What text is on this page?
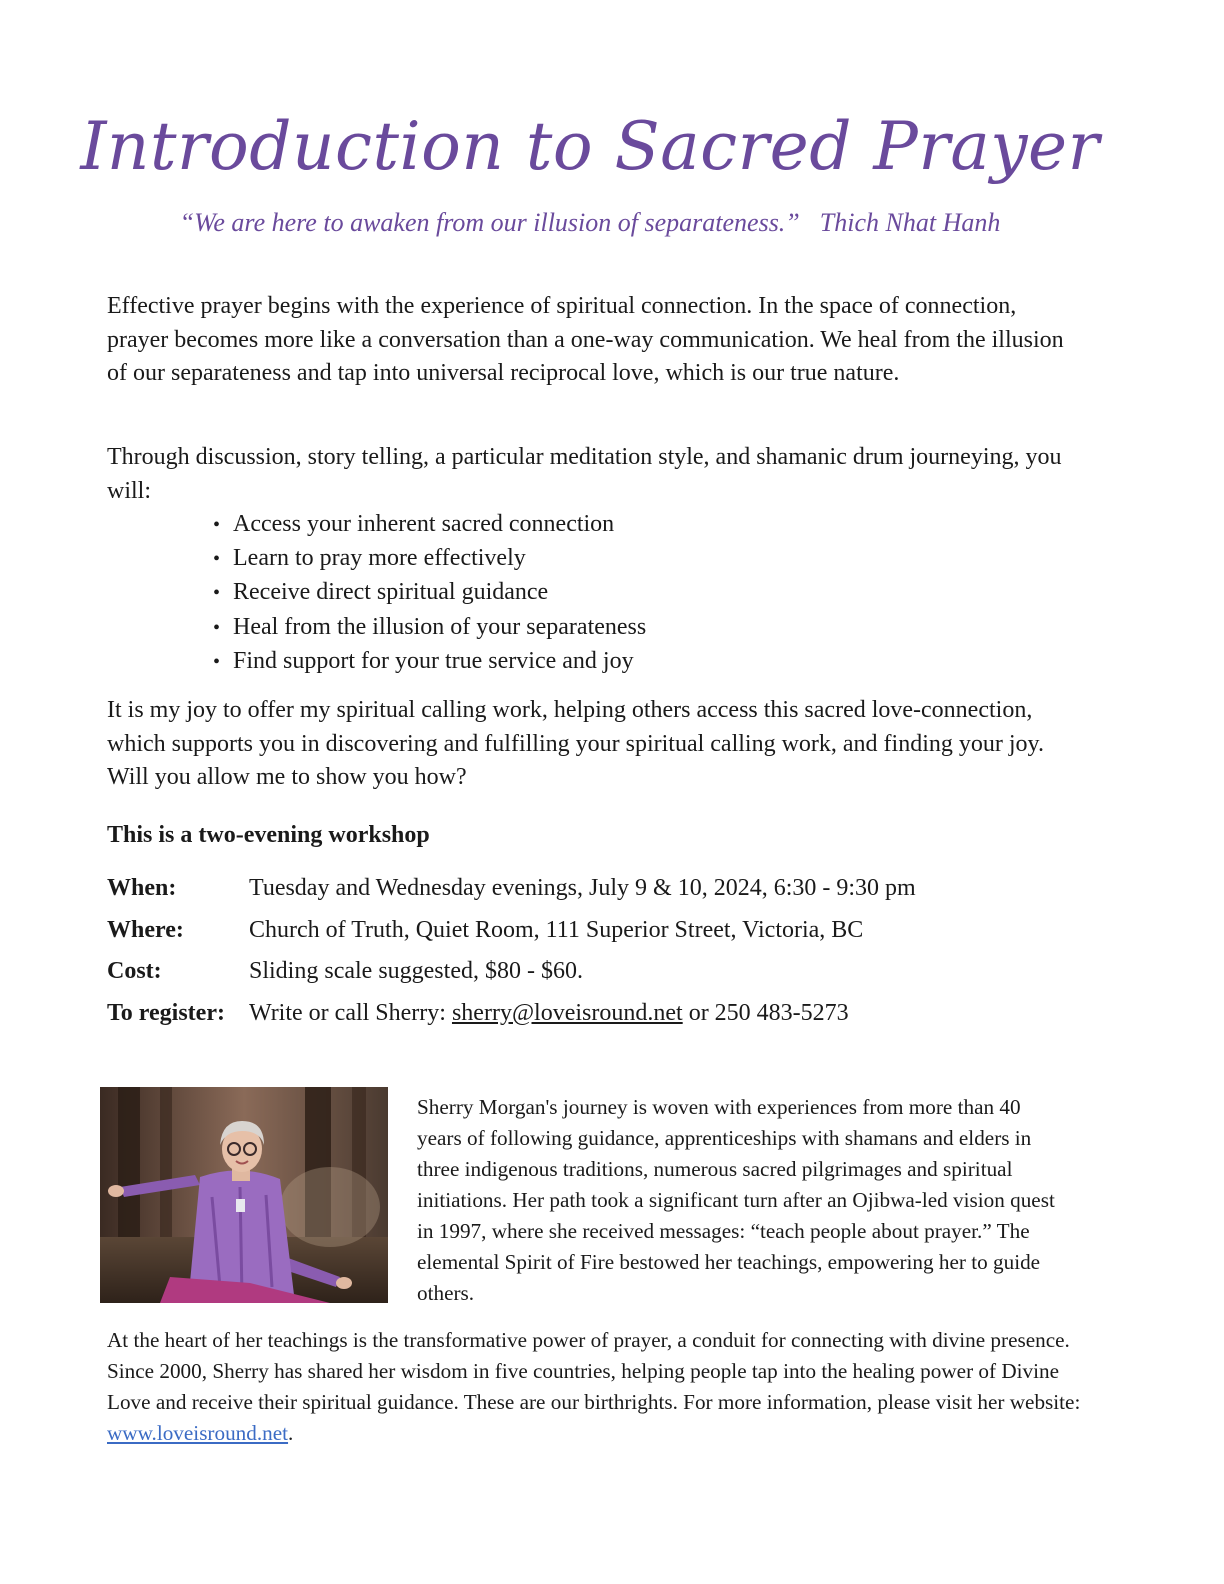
Introduction to Sacred Prayer
“We are here to awaken from our illusion of separateness.” Thich Nhat Hanh
Effective prayer begins with the experience of spiritual connection. In the space of connection, prayer becomes more like a conversation than a one-way communication. We heal from the illusion of our separateness and tap into universal reciprocal love, which is our true nature.
Through discussion, story telling, a particular meditation style, and shamanic drum journeying, you will:
• Access your inherent sacred connection
• Learn to pray more effectively
• Receive direct spiritual guidance
• Heal from the illusion of your separateness
• Find support for your true service and joy
It is my joy to offer my spiritual calling work, helping others access this sacred love-connection, which supports you in discovering and fulfilling your spiritual calling work, and finding your joy. Will you allow me to show you how?
This is a two-evening workshop
When:	Tuesday and Wednesday evenings, July 9 & 10, 2024, 6:30 - 9:30 pm
Where:	Church of Truth, Quiet Room, 111 Superior Street, Victoria, BC
Cost:	Sliding scale suggested, $80 - $60.
To register:	Write or call Sherry: sherry@loveisround.net or 250 483-5273
Sherry Morgan's journey is woven with experiences from more than 40 years of following guidance, apprenticeships with shamans and elders in three indigenous traditions, numerous sacred pilgrimages and spiritual initiations. Her path took a significant turn after an Ojibwa-led vision quest in 1997, where she received messages: “teach people about prayer.” The elemental Spirit of Fire bestowed her teachings, empowering her to guide others.
At the heart of her teachings is the transformative power of prayer, a conduit for connecting with divine presence. Since 2000, Sherry has shared her wisdom in five countries, helping people tap into the healing power of Divine Love and receive their spiritual guidance. These are our birthrights. For more information, please visit her website: www.loveisround.net.
